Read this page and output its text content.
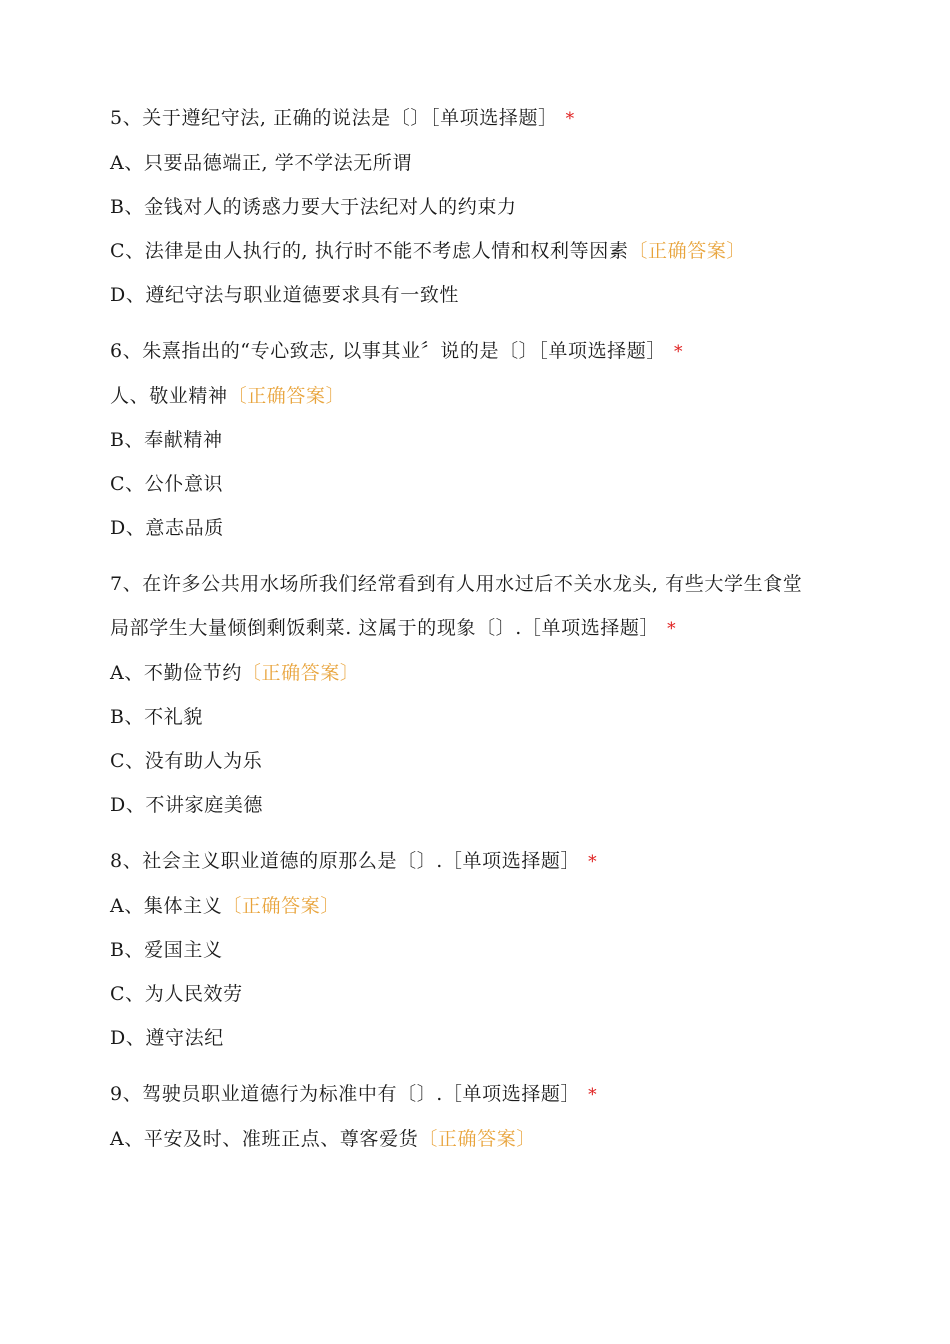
5、关于遵纪守法, 正确的说法是〔〕［单项选择题］ *

A、只要品德端正, 学不学法无所谓

B、金钱对人的诱惑力要大于法纪对人的约束力

C、法律是由人执行的, 执行时不能不考虑人情和权利等因素〔正确答案〕

D、遵纪守法与职业道德要求具有一致性

6、朱熹指出的“专心致志, 以事其业〞说的是〔〕［单项选择题］ *

人、敬业精神〔正确答案〕

B、奉献精神

C、公仆意识

D、意志品质

7、在许多公共用水场所我们经常看到有人用水过后不关水龙头, 有些大学生食堂

局部学生大量倾倒剩饭剩菜. 这属于的现象〔〕.［单项选择题］ *

A、不勤俭节约〔正确答案〕

B、不礼貌

C、没有助人为乐

D、不讲家庭美德

8、社会主义职业道德的原那么是〔〕.［单项选择题］ *

A、集体主义〔正确答案〕

B、爱国主义

C、为人民效劳

D、遵守法纪

9、驾驶员职业道德行为标准中有〔〕.［单项选择题］ *

A、平安及时、准班正点、尊客爱货〔正确答案〕
